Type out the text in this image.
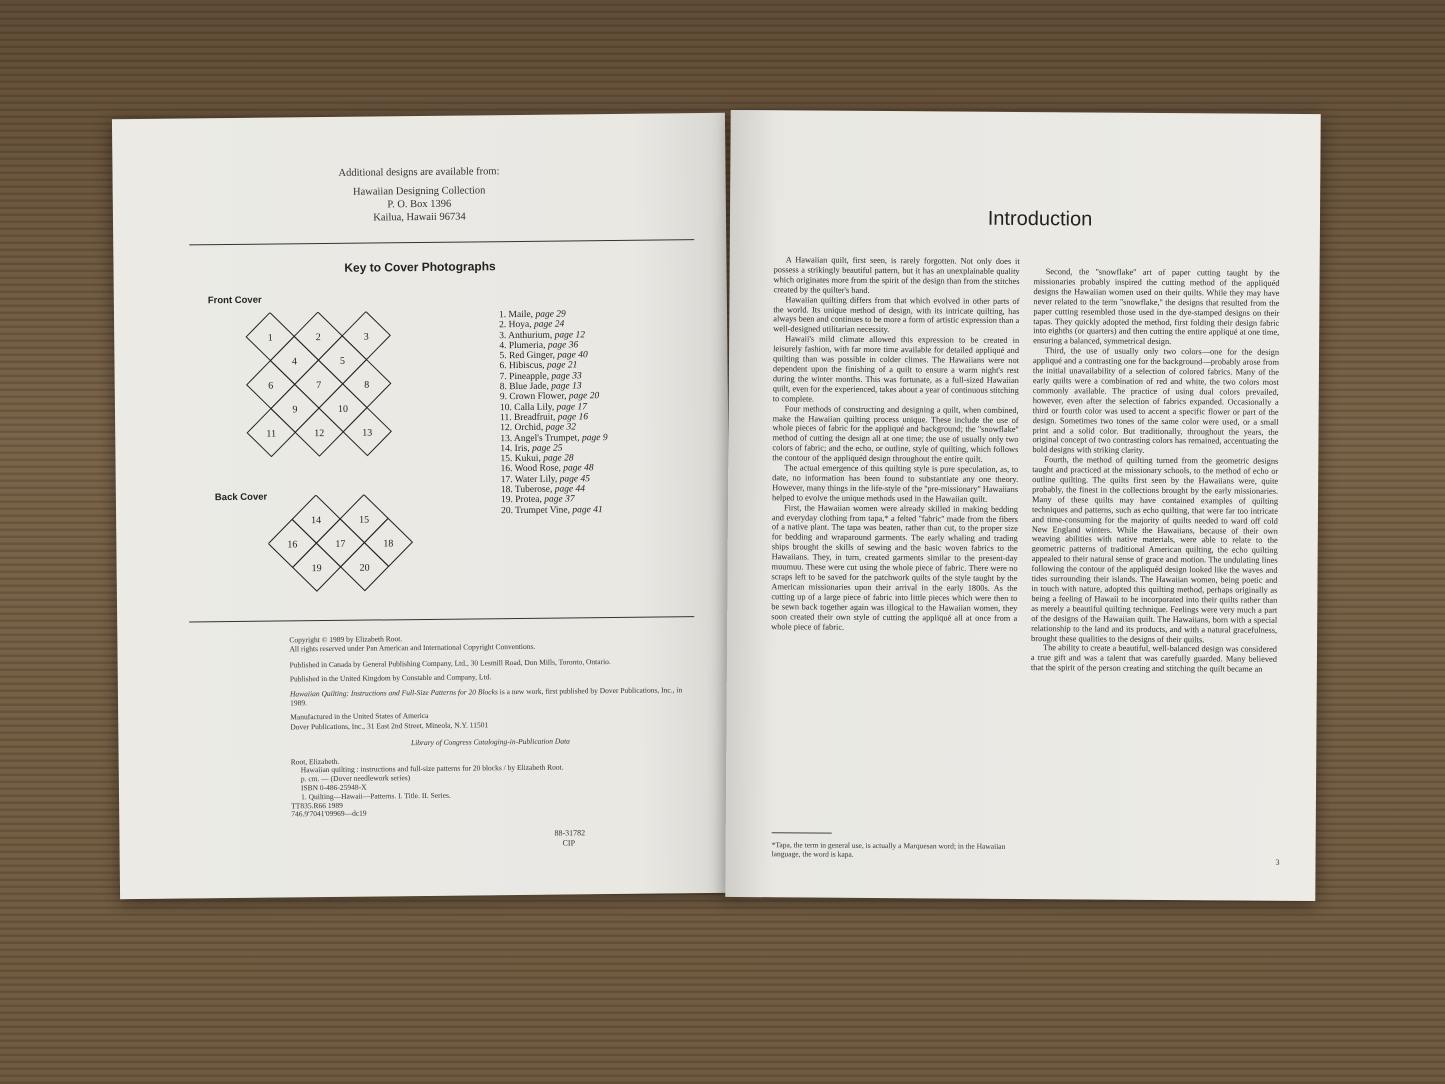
Additional designs are available from:
Hawaiian Designing Collection
P. O. Box 1396
Kailua, Hawaii 96734
Key to Cover Photographs
Front Cover
1	2	3
4	5
6	7	8
9	10
11	12	13
Back Cover
14	15
16	17	18
19	20
1. Maile, page 29
2. Hoya, page 24
3. Anthurium, page 12
4. Plumeria, page 36
5. Red Ginger, page 40
6. Hibiscus, page 21
7. Pineapple, page 33
8. Blue Jade, page 13
9. Crown Flower, page 20
10. Calla Lily, page 17
11. Breadfruit, page 16
12. Orchid, page 32
13. Angel's Trumpet, page 9
14. Iris, page 25
15. Kukui, page 28
16. Wood Rose, page 48
17. Water Lily, page 45
18. Tuberose, page 44
19. Protea, page 37
20. Trumpet Vine, page 41

Copyright © 1989 by Elizabeth Root.
All rights reserved under Pan American and International Copyright Conventions.

Published in Canada by General Publishing Company, Ltd., 30 Lesmill Road, Don Mills, Toronto, Ontario.

Published in the United Kingdom by Constable and Company, Ltd.

Hawaiian Quilting: Instructions and Full-Size Patterns for 20 Blocks is a new work, first published by Dover Publications, Inc., in 1989.

Manufactured in the United States of America
Dover Publications, Inc., 31 East 2nd Street, Mineola, N.Y. 11501

Library of Congress Cataloging-in-Publication Data

Root, Elizabeth.
Hawaiian quilting : instructions and full-size patterns for 20 blocks / by Elizabeth Root.
p. cm. — (Dover needlework series)
ISBN 0-486-25948-X
1. Quilting—Hawaii—Patterns. I. Title. II. Series.
TT835.R66 1989
746.9'7041'09969—dc19
88-31782
CIP
Introduction

A Hawaiian quilt, first seen, is rarely forgotten. Not only does it possess a strikingly beautiful pattern, but it has an unexplainable quality which originates more from the spirit of the design than from the stitches created by the quilter's hand.

Hawaiian quilting differs from that which evolved in other parts of the world. Its unique method of design, with its intricate quilting, has always been and continues to be more a form of artistic expression than a well-designed utilitarian necessity.

Hawaii's mild climate allowed this expression to be created in leisurely fashion, with far more time available for detailed appliqué and quilting than was possible in colder climes. The Hawaiians were not dependent upon the finishing of a quilt to ensure a warm night's rest during the winter months. This was fortunate, as a full-sized Hawaiian quilt, even for the experienced, takes about a year of continuous stitching to complete.

Four methods of constructing and designing a quilt, when combined, make the Hawaiian quilting process unique. These include the use of whole pieces of fabric for the appliqué and background; the ''snowflake'' method of cutting the design all at one time; the use of usually only two colors of fabric; and the echo, or outline, style of quilting, which follows the contour of the appliquéd design throughout the entire quilt.

The actual emergence of this quilting style is pure speculation, as, to date, no information has been found to substantiate any one theory. However, many things in the life-style of the ''pre-missionary'' Hawaiians helped to evolve the unique methods used in the Hawaiian quilt.

First, the Hawaiian women were already skilled in making bedding and everyday clothing from tapa,* a felted ''fabric'' made from the fibers of a native plant. The tapa was beaten, rather than cut, to the proper size for bedding and wraparound garments. The early whaling and trading ships brought the skills of sewing and the basic woven fabrics to the Hawaiians. They, in turn, created garments similar to the present-day muumuu. These were cut using the whole piece of fabric. There were no scraps left to be saved for the patchwork quilts of the style taught by the American missionaries upon their arrival in the early 1800s. As the cutting up of a large piece of fabric into little pieces which were then to be sewn back together again was illogical to the Hawaiian women, they soon created their own style of cutting the appliqué all at once from a whole piece of fabric.

Second, the ''snowflake'' art of paper cutting taught by the missionaries probably inspired the cutting method of the appliquéd designs the Hawaiian women used on their quilts. While they may have never related to the term ''snowflake,'' the designs that resulted from the paper cutting resembled those used in the dye-stamped designs on their tapas. They quickly adopted the method, first folding their design fabric into eighths (or quarters) and then cutting the entire appliqué at one time, ensuring a balanced, symmetrical design.

Third, the use of usually only two colors—one for the design appliqué and a contrasting one for the background—probably arose from the initial unavailability of a selection of colored fabrics. Many of the early quilts were a combination of red and white, the two colors most commonly available. The practice of using dual colors prevailed, however, even after the selection of fabrics expanded. Occasionally a third or fourth color was used to accent a specific flower or part of the design. Sometimes two tones of the same color were used, or a small print and a solid color. But traditionally, throughout the years, the original concept of two contrasting colors has remained, accentuating the bold designs with striking clarity.

Fourth, the method of quilting turned from the geometric designs taught and practiced at the missionary schools, to the method of echo or outline quilting. The quilts first seen by the Hawaiians were, quite probably, the finest in the collections brought by the early missionaries. Many of these quilts may have contained examples of quilting techniques and patterns, such as echo quilting, that were far too intricate and time-consuming for the majority of quilts needed to ward off cold New England winters. While the Hawaiians, because of their own weaving abilities with native materials, were able to relate to the geometric patterns of traditional American quilting, the echo quilting appealed to their natural sense of grace and motion. The undulating lines following the contour of the appliquéd design looked like the waves and tides surrounding their islands. The Hawaiian women, being poetic and in touch with nature, adopted this quilting method, perhaps originally as being a feeling of Hawaii to be incorporated into their quilts rather than as merely a beautiful quilting technique. Feelings were very much a part of the designs of the Hawaiian quilt. The Hawaiians, born with a special relationship to the land and its products, and with a natural gracefulness, brought these qualities to the designs of their quilts.

The ability to create a beautiful, well-balanced design was considered a true gift and was a talent that was carefully guarded. Many believed that the spirit of the person creating and stitching the quilt became an

*Tapa, the term in general use, is actually a Marquesan word; in the Hawaiian language, the word is kapa.
3
